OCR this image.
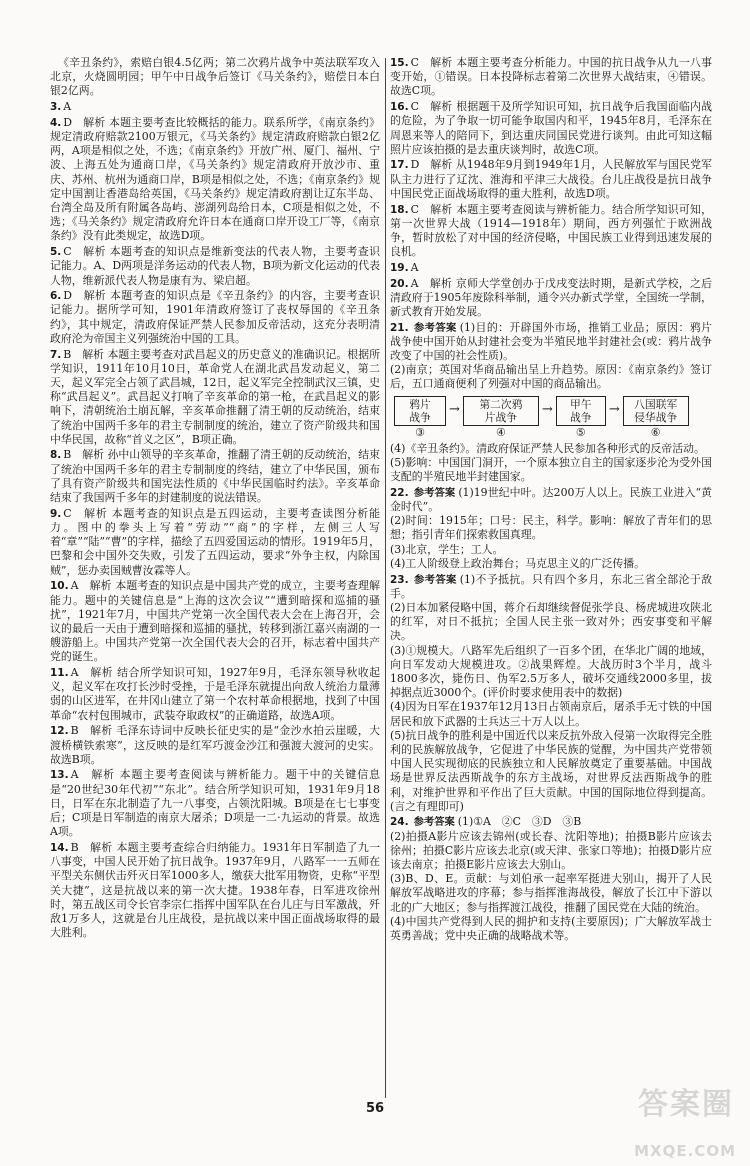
《辛丑条约》，索赔白银4.5亿两；第二次鸦片战争中英法联军攻入北京，火烧圆明园；甲午中日战争后签订《马关条约》，赔偿日本白银2亿两。
3. A
4. D　解析 本题主要考查比较概括的能力。联系所学，《南京条约》规定清政府赔款2100万银元，《马关条约》规定清政府赔款白银2亿两，A项是相似之处，不选；《南京条约》开放广州、厦门、福州、宁波、上海五处为通商口岸，《马关条约》规定清政府开放沙市、重庆、苏州、杭州为通商口岸，B项是相似之处，不选；《南京条约》规定中国割让香港岛给英国，《马关条约》规定清政府割让辽东半岛、台湾全岛及所有附属各岛屿、澎湖列岛给日本，C项是相似之处，不选；《马关条约》规定清政府允许日本在通商口岸开设工厂等，《南京条约》没有此类规定，故选D项。
5. C　解析 本题考查的知识点是维新变法的代表人物，主要考查识记能力。A、D两项是洋务运动的代表人物，B项为新文化运动的代表人物，维新派代表人物是康有为、梁启超。
6. D　解析 本题考查的知识点是《辛丑条约》的内容，主要考查识记能力。据所学可知，1901年清政府签订了丧权辱国的《辛丑条约》，其中规定，清政府保证严禁人民参加反帝活动，这充分表明清政府沦为帝国主义列强统治中国的工具。
7. B　解析 本题主要考查对武昌起义的历史意义的准确识记。根据所学知识，1911年10月10日，革命党人在湖北武昌发动起义，第二天，起义军完全占领了武昌城，12日，起义军完全控制武汉三镇，史称“武昌起义”。武昌起义打响了辛亥革命的第一枪，在武昌起义的影响下，清朝统治土崩瓦解，辛亥革命推翻了清王朝的反动统治，结束了统治中国两千多年的君主专制制度的统治，建立了资产阶级共和国中华民国，故称“首义之区”，B项正确。
8. B　解析 孙中山领导的辛亥革命，推翻了清王朝的反动统治，结束了统治中国两千多年的君主专制制度的终结，建立了中华民国，颁布了具有资产阶级共和国宪法性质的《中华民国临时约法》。辛亥革命结束了我国两千多年的封建制度的说法错误。
9. C　解析 本题考查的知识点是五四运动，主要考查读图分析能力。图中的拳头上写着“劳动”“商”的字样，左侧三人写着“章”“陆”“曹”的字样，描绘了五四爱国运动的情形。1919年5月，巴黎和会中国外交失败，引发了五四运动，要求“外争主权，内除国贼”，惩办卖国贼曹汝霖等人。
10. A　解析 本题考查的知识点是中国共产党的成立，主要考查理解能力。题中的关键信息是“上海的这次会议”“遭到暗探和巡捕的骚扰”，1921年7月，中国共产党第一次全国代表大会在上海召开，会议的最后一天由于遭到暗探和巡捕的骚扰，转移到浙江嘉兴南湖的一艘游船上。中国共产党第一次全国代表大会的召开，标志着中国共产党的诞生。
11. A　解析 结合所学知识可知，1927年9月，毛泽东领导秋收起义，起义军在攻打长沙时受挫，于是毛泽东就提出向敌人统治力量薄弱的山区进军，在井冈山建立了第一个农村革命根据地，找到了中国革命“农村包围城市，武装夺取政权”的正确道路，故选A项。
12. B　解析 毛泽东诗词中反映长征史实的是“金沙水拍云崖暖，大渡桥横铁索寒”，这反映的是红军巧渡金沙江和强渡大渡河的史实。故选B项。
13. A　解析 本题主要考查阅读与辨析能力。题干中的关键信息是“20世纪30年代初”“东北”。结合所学知识可知，1931年9月18日，日军在东北制造了九一八事变，占领沈阳城。B项是在七七事变后；C项是日军制造的南京大屠杀；D项是一二·九运动的背景。故选A项。
14. B　解析 本题主要考查综合归纳能力。1931年日军制造了九一八事变，中国人民开始了抗日战争。1937年9月，八路军一一五师在平型关东侧伏击歼灭日军1000多人，缴获大批军用物资，史称“平型关大捷”，这是抗战以来的第一次大捷。1938年春，日军进攻徐州时，第五战区司令长官李宗仁指挥中国军队在台儿庄与日军激战，歼敌1万多人，这就是台儿庄战役，是抗战以来中国正面战场取得的最大胜利。
15. C　解析 本题主要考查分析能力。中国的抗日战争从九一八事变开始，①错误。日本投降标志着第二次世界大战结束，④错误。故选C项。
16. C　解析 根据题干及所学知识可知，抗日战争后我国面临内战的危险，为了争取一切可能争取国内和平，1945年8月，毛泽东在周恩来等人的陪同下，到达重庆同国民党进行谈判。由此可知这幅照片应该拍摄的是去重庆谈判时，故选C项。
17. D　解析 从1948年9月到1949年1月，人民解放军与国民党军队主力进行了辽沈、淮海和平津三大战役。台儿庄战役是抗日战争中国民党正面战场取得的重大胜利，故选D项。
18. C　解析 本题主要考查阅读与辨析能力。结合所学知识可知，第一次世界大战（1914—1918年）期间，西方列强忙于欧洲战争，暂时放松了对中国的经济侵略，中国民族工业得到迅速发展的良机。
19. A
20. A　解析 京师大学堂创办于戊戌变法时期，是新式学校，之后清政府于1905年废除科举制，通令兴办新式学堂，全国统一学制，新式教育开始发展。
21. 参考答案 (1)目的：开辟国外市场，推销工业品；原因：鸦片战争使中国开始从封建社会变为半殖民地半封建社会(或：鸦片战争改变了中国的社会性质)。
(2)南京；英国对华商品输出呈上升趋势。原因：《南京条约》签订后，五口通商便利了列强对中国的商品输出。
鸦片
战争
③
→	第二次鸦
片战争
④
→	甲午
战争
⑤
→	八国联军
侵华战争
⑥
(4)《辛丑条约》。清政府保证严禁人民参加各种形式的反帝活动。
(5)影响：中国国门洞开，一个原本独立自主的国家逐步沦为受外国支配的半殖民地半封建国家。
22. 参考答案 (1)19世纪中叶。达200万人以上。民族工业进入“黄金时代”。
(2)时间：1915年；口号：民主，科学。影响：解放了青年们的思想；指引青年们探索救国真理。
(3)北京，学生；工人。
(4)工人阶级登上政治舞台；马克思主义的广泛传播。
23. 参考答案 (1)不予抵抗。只有四个多月，东北三省全部沦于敌手。
(2)日本加紧侵略中国，蒋介石却继续督促张学良、杨虎城进攻陕北的红军，对日不抵抗；全国人民主张一致对外；西安事变和平解决。
(3)①规模大。八路军先后组织了一百多个团，在华北广阔的地域，向日军发动大规模进攻。②战果辉煌。大战历时3个半月，战斗1800多次，毙伤日、伪军2.5万多人，破坏交通线2000多里，拔掉据点近3000个。(评价时要求使用表中的数据)
(4)因为日军在1937年12月13日占领南京后，屠杀手无寸铁的中国居民和放下武器的士兵达三十万人以上。
(5)抗日战争的胜利是中国近代以来反抗外敌入侵第一次取得完全胜利的民族解放战争，它促进了中华民族的觉醒，为中国共产党带领中国人民实现彻底的民族独立和人民解放奠定了重要基础。中国战场是世界反法西斯战争的东方主战场，对世界反法西斯战争的胜利，对维护世界和平作出了巨大贡献。中国的国际地位得到提高。(言之有理即可)
24. 参考答案 (1)①A　②C　③D　③B
(2)拍摄A影片应该去锦州(或长春、沈阳等地)；拍摄B影片应该去徐州；拍摄C影片应该去北京(或天津、张家口等地)；拍摄D影片应该去南京；拍摄E影片应该去大别山。
(3)B、D、E。贡献：与刘伯承一起率军挺进大别山，揭开了人民解放军战略进攻的序幕；参与指挥淮海战役，解放了长江中下游以北的广大地区；参与指挥渡江战役，推翻了国民党在大陆的统治。
(4)中国共产党得到人民的拥护和支持(主要原因)；广大解放军战士英勇善战；党中央正确的战略战术等。
56	答案圈
MXQE.COM
